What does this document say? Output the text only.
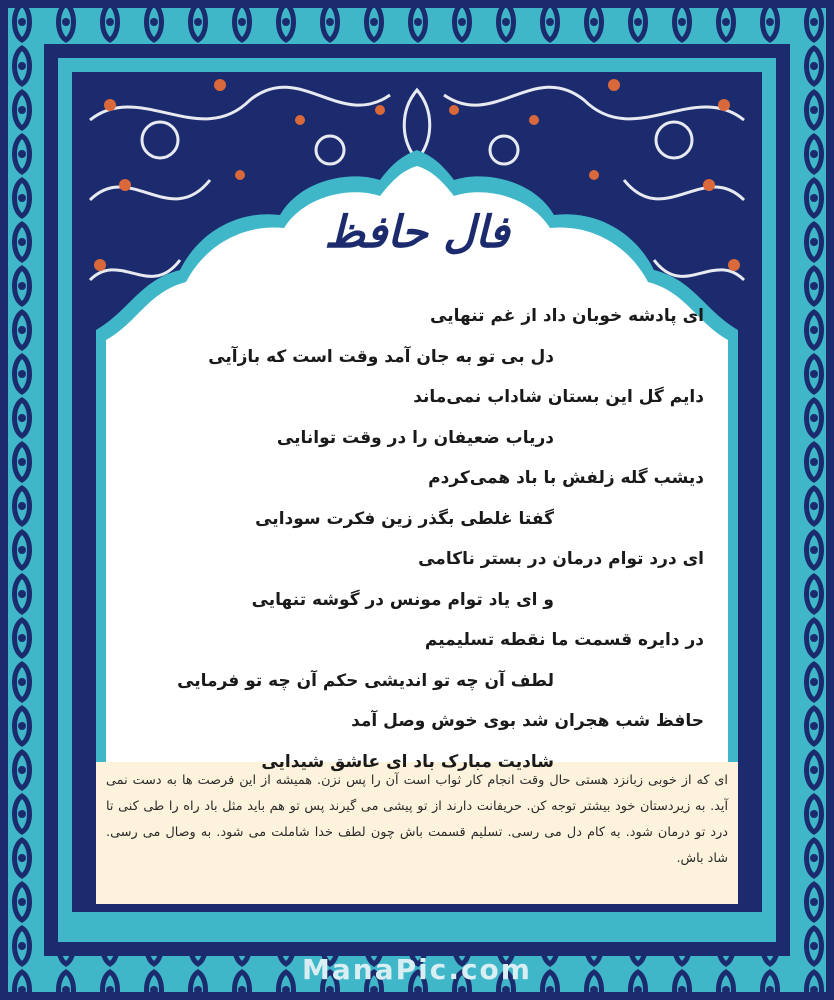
فال حافظ
ای پادشه خوبان داد از غم تنهایی
دل بی تو به جان آمد وقت است که بازآیی
دایم گل این بستان شاداب نمی‌ماند
دریاب ضعیفان را در وقت توانایی
دیشب گله زلفش با باد همی‌کردم
گفتا غلطی بگذر زین فکرت سودایی
ای درد توام درمان در بستر ناکامی
و ای یاد توام مونس در گوشه تنهایی
در دایره قسمت ما نقطه تسلیمیم
لطف آن چه تو اندیشی حکم آن چه تو فرمایی
حافظ شب هجران شد بوی خوش وصل آمد
شادیت مبارک باد ای عاشق شیدایی
ای که از خوبی زبانزد هستی حال وقت انجام کار ثواب است آن را پس نزن. همیشه از این فرصت ها به دست نمی آید. به زیردستان خود بیشتر توجه کن. حریفانت دارند از تو پیشی می گیرند پس تو هم باید مثل باد راه را طی کنی تا درد تو درمان شود. به کام دل می رسی. تسلیم قسمت باش چون لطف خدا شاملت می شود. به وصال می رسی. شاد باش.
ManaPic.com
